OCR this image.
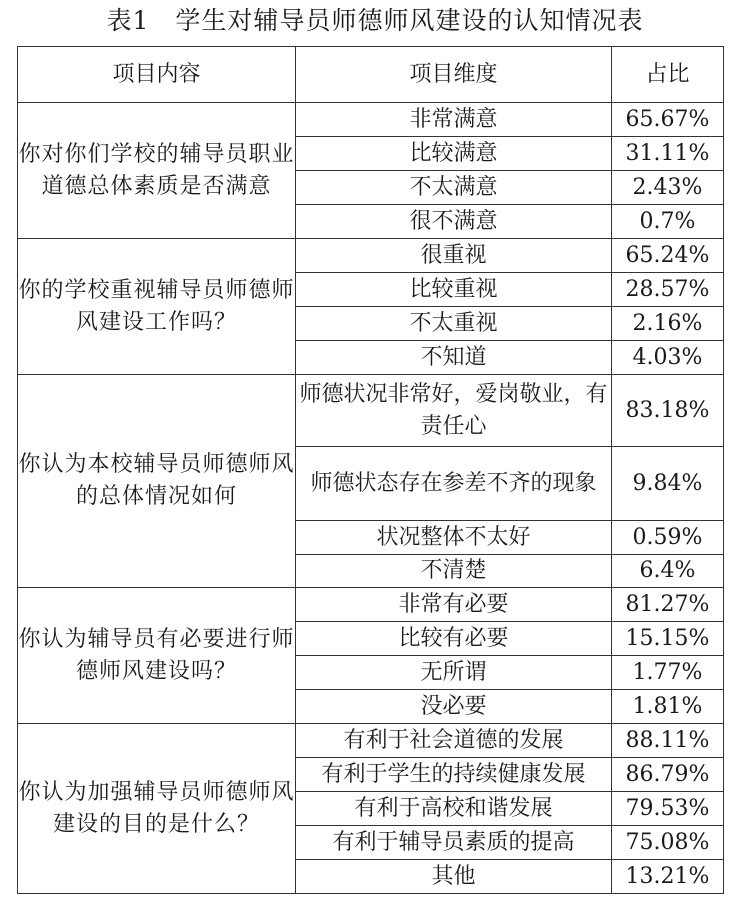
表1　学生对辅导员师德师风建设的认知情况表
项目内容	项目维度	占比
你对你们学校的辅导员职业道德总体素质是否满意	非常满意	65.67%
	比较满意	31.11%
	不太满意	2.43%
	很不满意	0.7%
你的学校重视辅导员师德师风建设工作吗？	很重视	65.24%
	比较重视	28.57%
	不太重视	2.16%
	不知道	4.03%
你认为本校辅导员师德师风的总体情况如何	师德状况非常好，爱岗敬业，有责任心	83.18%
	师德状态存在参差不齐的现象	9.84%
	状况整体不太好	0.59%
	不清楚	6.4%
你认为辅导员有必要进行师德师风建设吗？	非常有必要	81.27%
	比较有必要	15.15%
	无所谓	1.77%
	没必要	1.81%
你认为加强辅导员师德师风建设的目的是什么？	有利于社会道德的发展	88.11%
	有利于学生的持续健康发展	86.79%
	有利于高校和谐发展	79.53%
	有利于辅导员素质的提高	75.08%
	其他	13.21%
